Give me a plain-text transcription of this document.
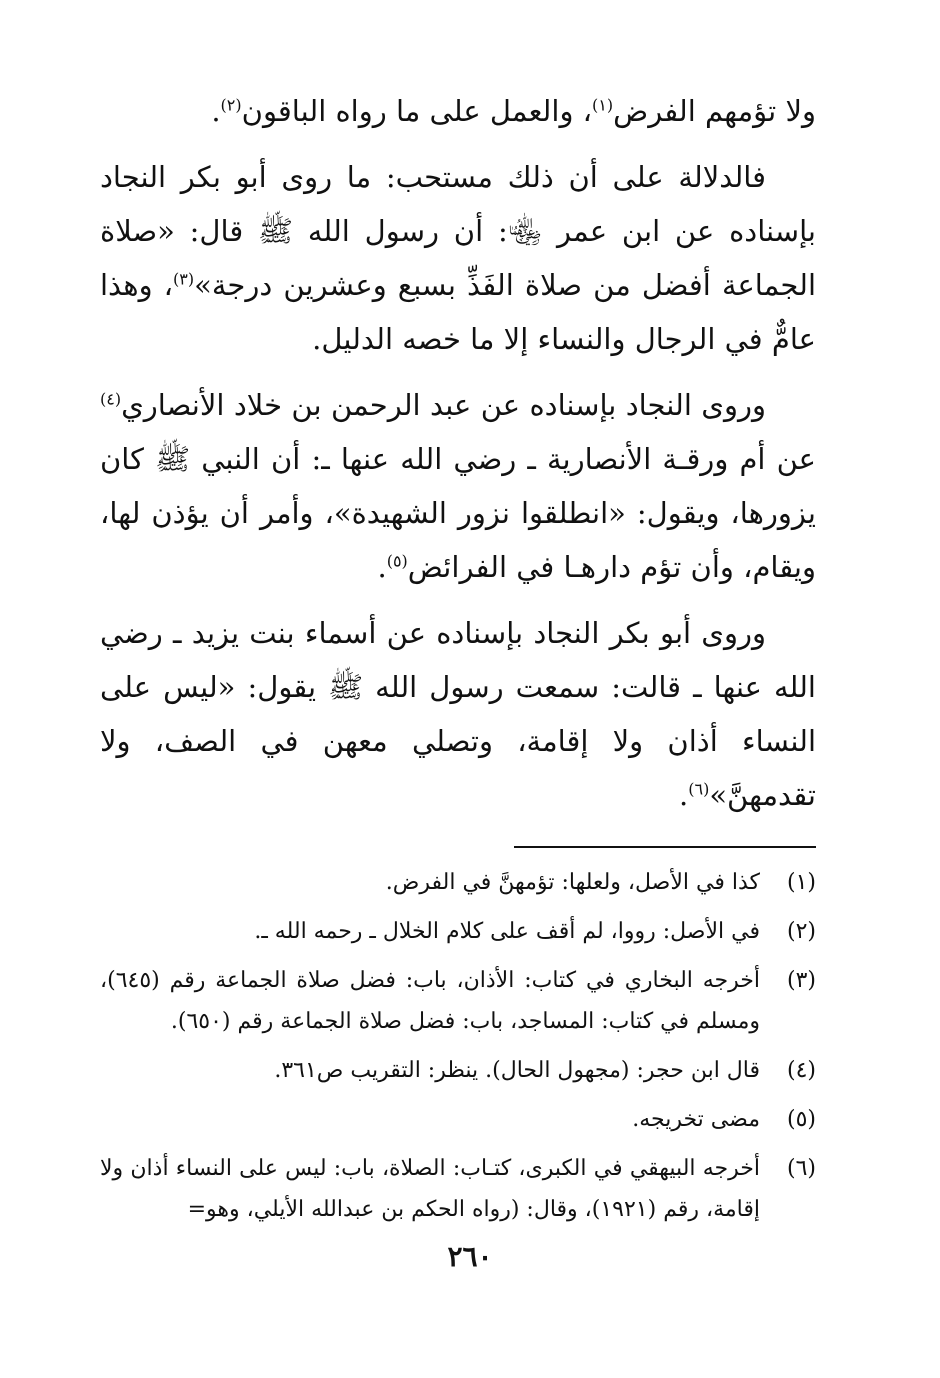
ولا تؤمهم الفرض$^{(١)}$، والعمل على ما رواه الباقون$^{(٢)}$.

فالدلالة على أن ذلك مستحب: ما روى أبو بكر النجاد بإسناده عن ابن عمر ﵄: أن رسول الله ﷺ قال: «صلاة الجماعة أفضل من صلاة الفَذِّ بسبع وعشرين درجة»$^{(٣)}$، وهذا عامٌّ في الرجال والنساء إلا ما خصه الدليل.

وروى النجاد بإسناده عن عبد الرحمن بن خلاد الأنصاري$^{(٤)}$ عن أم ورقـة الأنصارية ـ رضي الله عنها ـ: أن النبي ﷺ كان يزورها، ويقول: «انطلقوا نزور الشهيدة»، وأمر أن يؤذن لها، ويقام، وأن تؤم دارهـا في الفرائض$^{(٥)}$.

وروى أبو بكر النجاد بإسناده عن أسماء بنت يزيد ـ رضي الله عنها ـ قالت: سمعت رسول الله ﷺ يقول: «ليس على النساء أذان ولا إقامة، وتصلي معهن في الصف، ولا تقدمهنَّ»$^{(٦)}$.

(١)
كذا في الأصل، ولعلها: تؤمهنَّ في الفرض.
(٢)
في الأصل: رووا، لم أقف على كلام الخلال ـ رحمه الله ـ.
(٣)
أخرجه البخاري في كتاب: الأذان، باب: فضل صلاة الجماعة رقم (٦٤٥)، ومسلم في كتاب: المساجد، باب: فضل صلاة الجماعة رقم (٦٥٠).
(٤)
قال ابن حجر: (مجهول الحال). ينظر: التقريب ص٣٦١.
(٥)
مضى تخريجه.
(٦)
أخرجه البيهقي في الكبرى، كتـاب: الصلاة، باب: ليس على النساء أذان ولا إقامة، رقم (١٩٢١)، وقال: (رواه الحكم بن عبدالله الأيلي، وهو=
٢٦٠
